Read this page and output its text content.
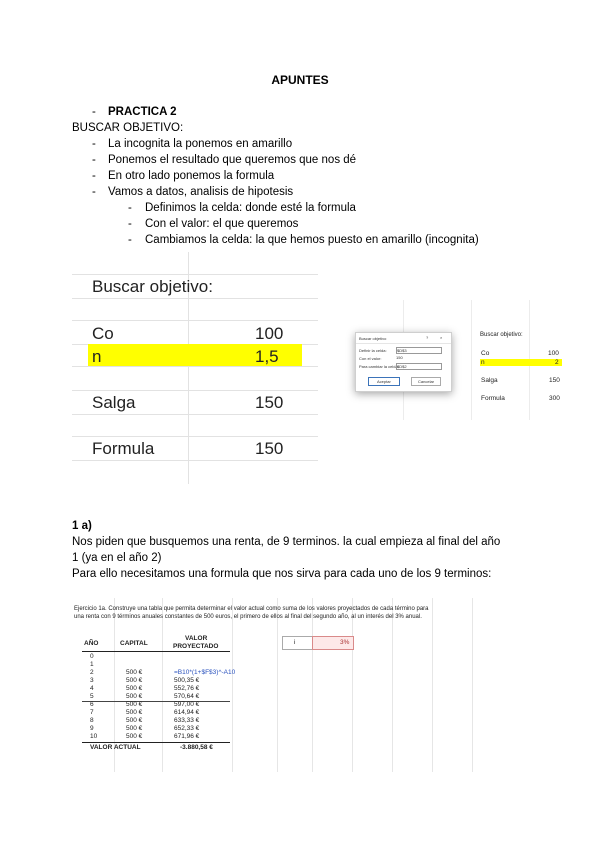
APUNTES
- PRACTICA 2
BUSCAR OBJETIVO:
- La incognita la ponemos en amarillo
- Ponemos el resultado que queremos que nos dé
- En otro lado ponemos la formula
- Vamos a datos, analisis de hipotesis
- Definimos la celda: donde esté la formula
- Con el valor: el que queremos
- Cambiamos la celda: la que hemos puesto en amarillo (incognita)
Buscar objetivo:
Co	100
n	1,5
Salga	150
Formula	150
Buscar objetivo:
Co	100
n	2
Salga	150
Formula	300
Buscar objetivo	?	×
Definir la celda:	$D$3
Con el valor:	150
Para cambiar la celda:
$D$2
Aceptar	Cancelar
1 a)
Nos piden que busquemos una renta, de 9 terminos. la cual empieza al final del año
1 (ya en el año 2)
Para ello necesitamos una formula que nos sirva para cada uno de los 9 terminos:
Ejercicio 1a. Construye una tabla que permita determinar el valor actual como suma de los valores proyectados de cada término para
una renta con 9 términos anuales constantes de 500 euros, el primero de ellos al final del segundo año, al un interés del 3% anual.
i	3%
AÑO	CAPITAL
VALOR
PROYECTADO
0
1
2	500 €	=B10*(1+$F$3)^-A10
3	500 €	500,35 €
4	500 €	552,76 €
5	500 €	570,64 €
6	500 €	597,00 €
7	500 €	614,94 €
8	500 €	633,33 €
9	500 €	652,33 €
10	500 €	671,96 €
VALOR ACTUAL	-3.880,58 €
